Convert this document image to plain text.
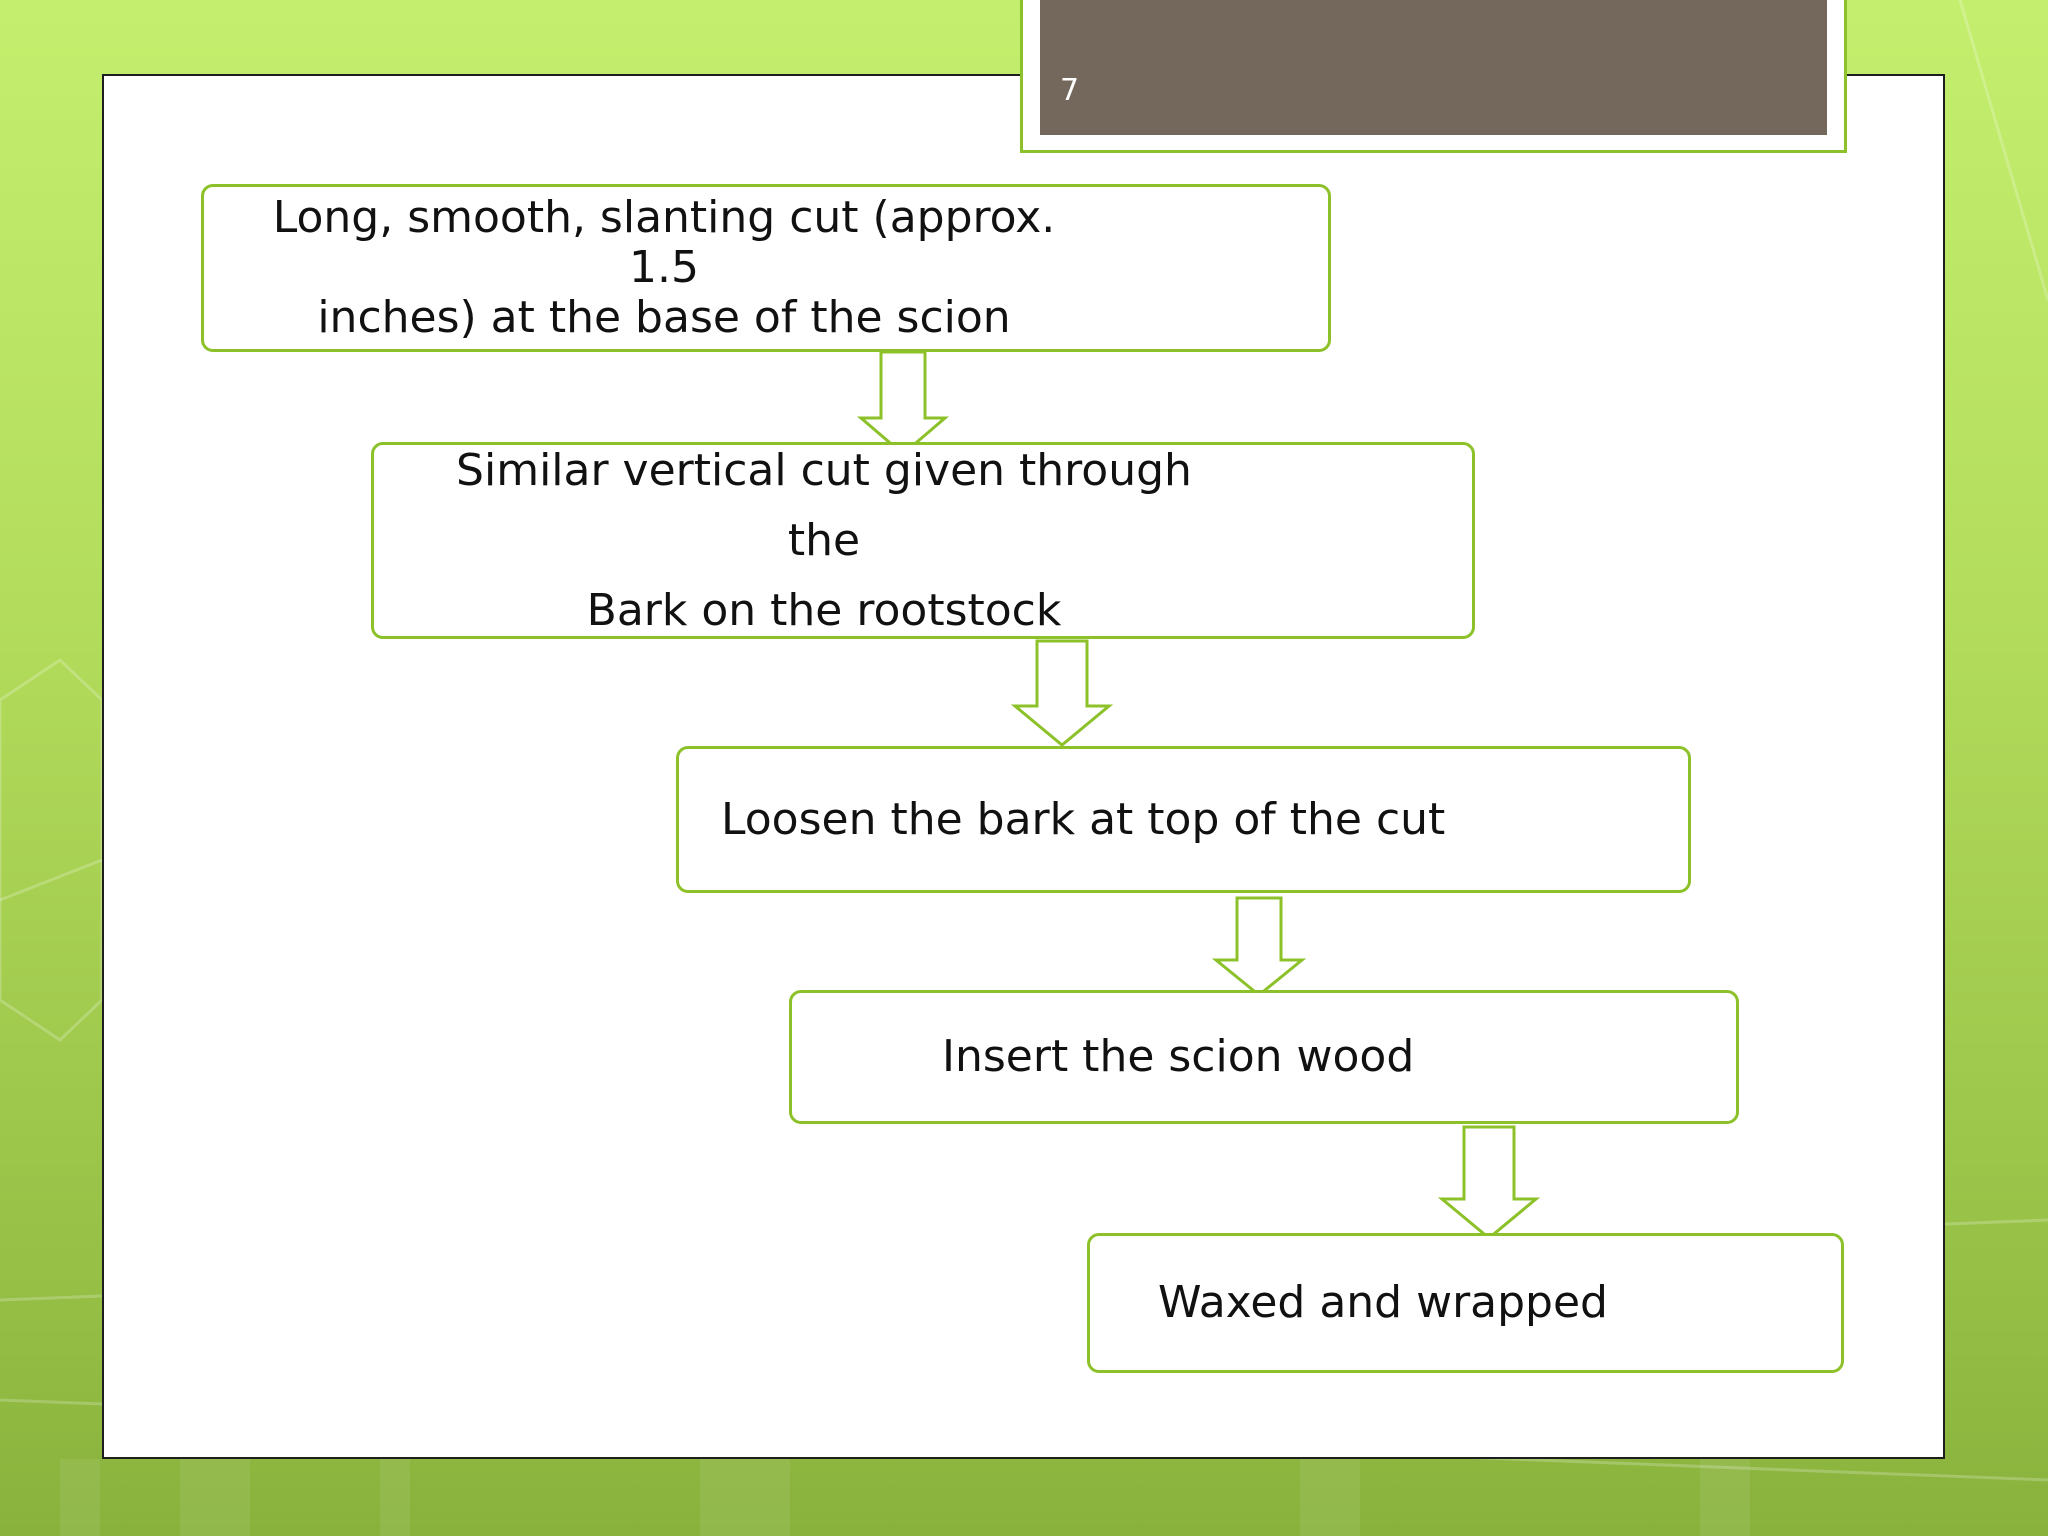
7
Long, smooth, slanting cut (approx. 1.5
inches) at the base of the scion
Similar vertical cut given through the
Bark on the rootstock
Loosen the bark at top of the cut
Insert the scion wood
Waxed and wrapped
